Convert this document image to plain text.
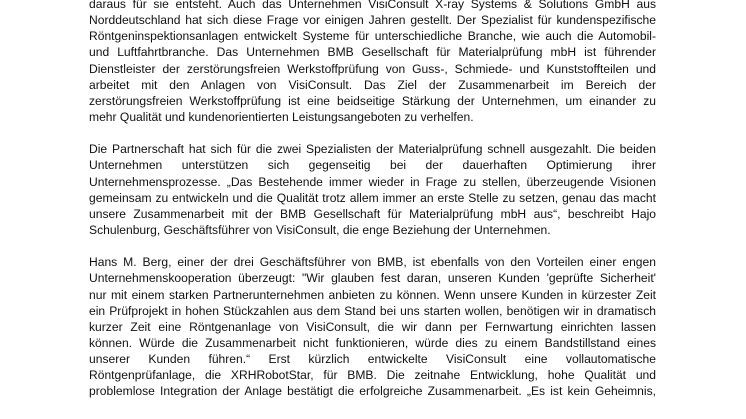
daraus für sie entsteht. Auch das Unternehmen VisiConsult X-ray Systems & Solutions GmbH aus
Norddeutschland hat sich diese Frage vor einigen Jahren gestellt. Der Spezialist für kundenspezifische
Röntgeninspektionsanlagen entwickelt Systeme für unterschiedliche Branche, wie auch die Automobil-
und Luftfahrtbranche. Das Unternehmen BMB Gesellschaft für Materialprüfung mbH ist führender
Dienstleister der zerstörungsfreien Werkstoffprüfung von Guss-, Schmiede- und Kunststoffteilen und
arbeitet mit den Anlagen von VisiConsult. Das Ziel der Zusammenarbeit im Bereich der
zerstörungsfreien Werkstoffprüfung ist eine beidseitige Stärkung der Unternehmen, um einander zu
mehr Qualität und kundenorientierten Leistungsangeboten zu verhelfen.

Die Partnerschaft hat sich für die zwei Spezialisten der Materialprüfung schnell ausgezahlt. Die beiden
Unternehmen unterstützen sich gegenseitig bei der dauerhaften Optimierung ihrer
Unternehmensprozesse. „Das Bestehende immer wieder in Frage zu stellen, überzeugende Visionen
gemeinsam zu entwickeln und die Qualität trotz allem immer an erste Stelle zu setzen, genau das macht
unsere Zusammenarbeit mit der BMB Gesellschaft für Materialprüfung mbH aus“, beschreibt Hajo
Schulenburg, Geschäftsführer von VisiConsult, die enge Beziehung der Unternehmen.

Hans M. Berg, einer der drei Geschäftsführer von BMB, ist ebenfalls von den Vorteilen einer engen
Unternehmenskooperation überzeugt: "Wir glauben fest daran, unseren Kunden 'geprüfte Sicherheit'
nur mit einem starken Partnerunternehmen anbieten zu können. Wenn unsere Kunden in kürzester Zeit
ein Prüfprojekt in hohen Stückzahlen aus dem Stand bei uns starten wollen, benötigen wir in dramatisch
kurzer Zeit eine Röntgenanlage von VisiConsult, die wir dann per Fernwartung einrichten lassen
können. Würde die Zusammenarbeit nicht funktionieren, würde dies zu einem Bandstillstand eines
unserer Kunden führen.“ Erst kürzlich entwickelte VisiConsult eine vollautomatische
Röntgenprüfanlage, die XRHRobotStar, für BMB. Die zeitnahe Entwicklung, hohe Qualität und
problemlose Integration der Anlage bestätigt die erfolgreiche Zusammenarbeit. „Es ist kein Geheimnis,
